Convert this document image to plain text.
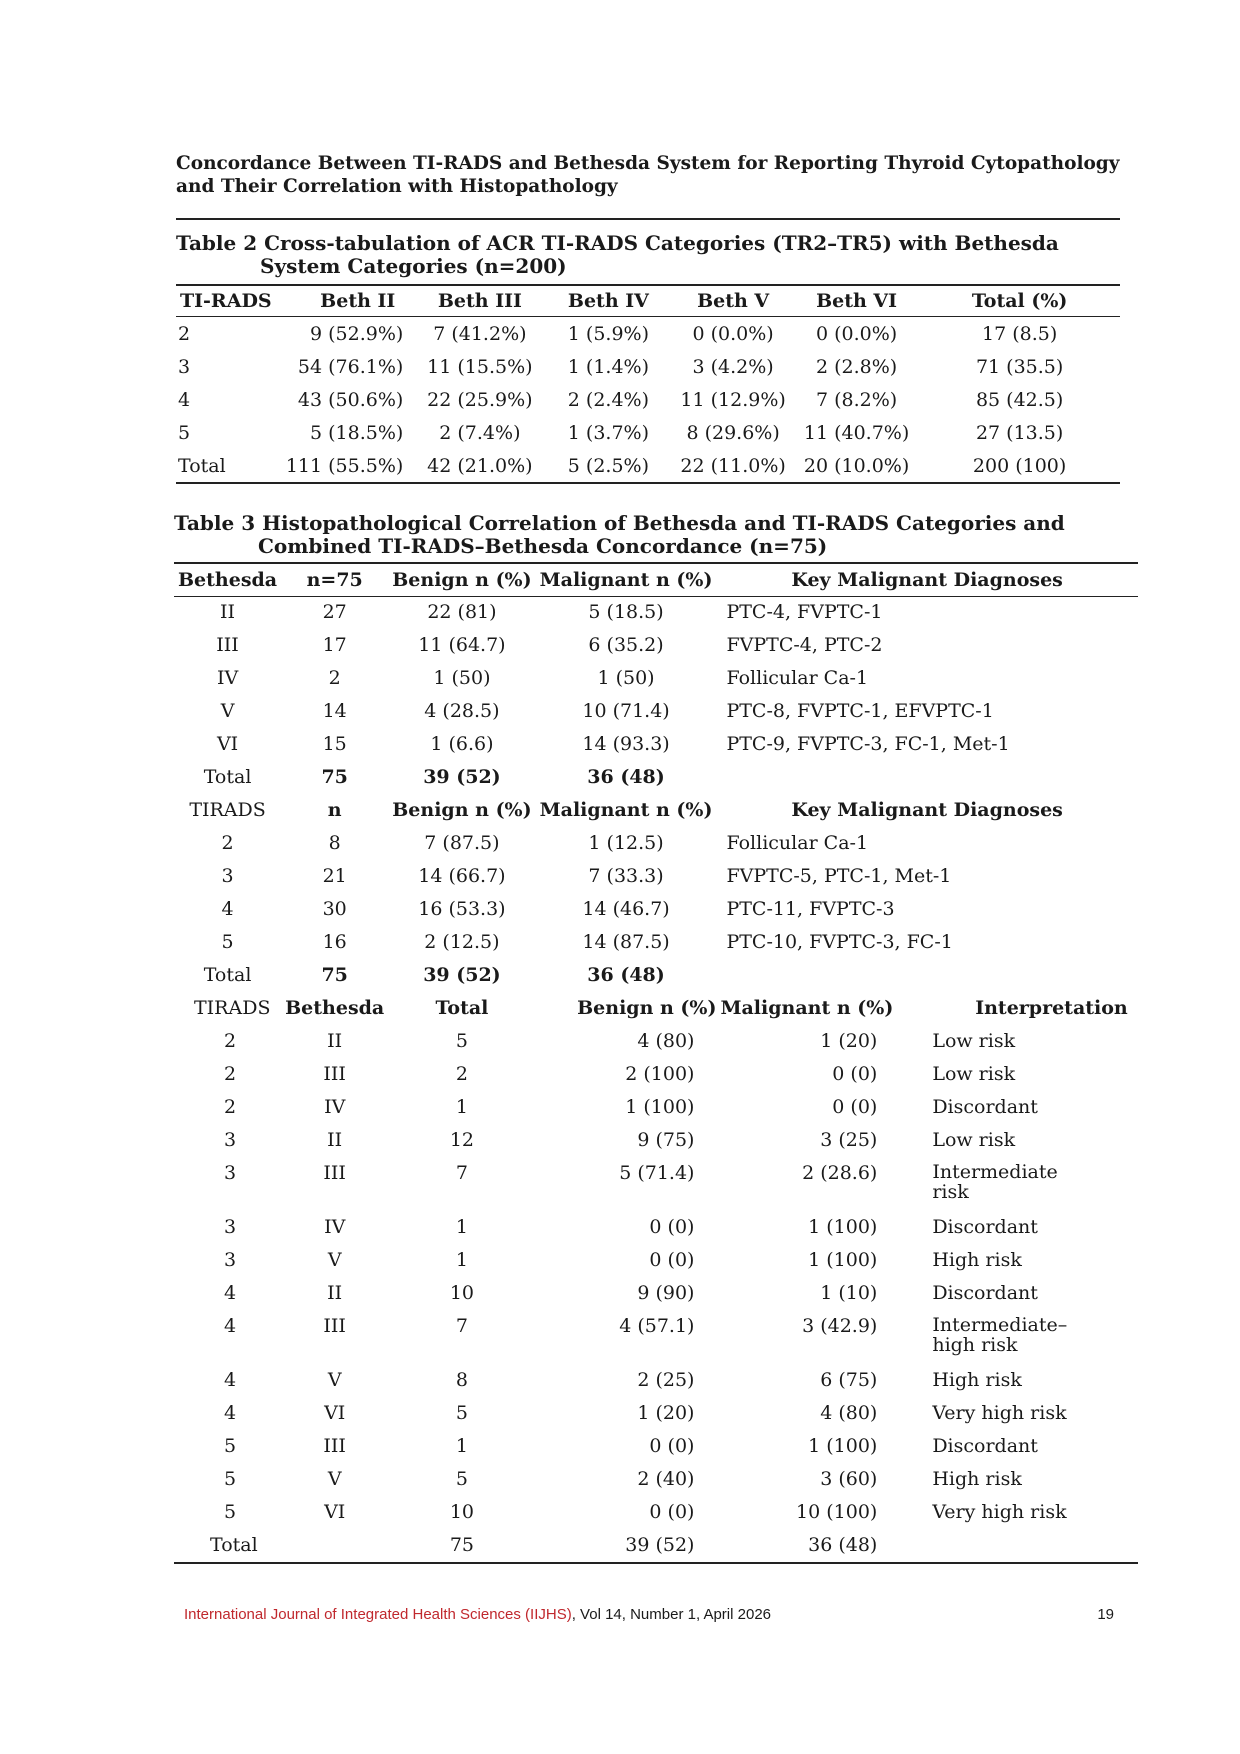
Concordance Between TI-RADS and Bethesda System for Reporting Thyroid Cytopathology and Their Correlation with Histopathology
Table 2 Cross-tabulation of ACR TI-RADS Categories (TR2–TR5) with Bethesda System Categories (n=200)
TI-RADS	Beth II	Beth III	Beth IV	Beth V	Beth VI	Total (%)
2	9 (52.9%)	7 (41.2%)	1 (5.9%)	0 (0.0%)	0 (0.0%)	17 (8.5)
3	54 (76.1%)	11 (15.5%)	1 (1.4%)	3 (4.2%)	2 (2.8%)	71 (35.5)
4	43 (50.6%)	22 (25.9%)	2 (2.4%)	11 (12.9%)	7 (8.2%)	85 (42.5)
5	5 (18.5%)	2 (7.4%)	1 (3.7%)	8 (29.6%)	11 (40.7%)	27 (13.5)
Total	111 (55.5%)	42 (21.0%)	5 (2.5%)	22 (11.0%)	20 (10.0%)	200 (100)
Table 3 Histopathological Correlation of Bethesda and TI-RADS Categories and Combined TI-RADS–Bethesda Concordance (n=75)
Bethesda	n=75	Benign n (%)	Malignant n (%)	Key Malignant Diagnoses	
II	27	22 (81)	5 (18.5)	PTC-4, FVPTC-1	
III	17	11 (64.7)	6 (35.2)	FVPTC-4, PTC-2	
IV	2	1 (50)	1 (50)	Follicular Ca-1	
V	14	4 (28.5)	10 (71.4)	PTC-8, FVPTC-1, EFVPTC-1	
VI	15	1 (6.6)	14 (93.3)	PTC-9, FVPTC-3, FC-1, Met-1	
Total	75	39 (52)	36 (48)		
TIRADS	n	Benign n (%)	Malignant n (%)	Key Malignant Diagnoses	
2	8	7 (87.5)	1 (12.5)	Follicular Ca-1	
3	21	14 (66.7)	7 (33.3)	FVPTC-5, PTC-1, Met-1	
4	30	16 (53.3)	14 (46.7)	PTC-11, FVPTC-3	
5	16	2 (12.5)	14 (87.5)	PTC-10, FVPTC-3, FC-1	
Total	75	39 (52)	36 (48)		
TIRADS	Bethesda	Total	Benign n (%)	Malignant n (%)	Interpretation
2	II	5	4 (80)	1 (20)	Low risk
2	III	2	2 (100)	0 (0)	Low risk
2	IV	1	1 (100)	0 (0)	Discordant
3	II	12	9 (75)	3 (25)	Low risk
3	III	7	5 (71.4)	2 (28.6)	Intermediate risk
3	IV	1	0 (0)	1 (100)	Discordant
3	V	1	0 (0)	1 (100)	High risk
4	II	10	9 (90)	1 (10)	Discordant
4	III	7	4 (57.1)	3 (42.9)	Intermediate–high risk
4	V	8	2 (25)	6 (75)	High risk
4	VI	5	1 (20)	4 (80)	Very high risk
5	III	1	0 (0)	1 (100)	Discordant
5	V	5	2 (40)	3 (60)	High risk
5	VI	10	0 (0)	10 (100)	Very high risk
Total		75	39 (52)	36 (48)	
International Journal of Integrated Health Sciences (IIJHS), Vol 14, Number 1, April 2026	19
